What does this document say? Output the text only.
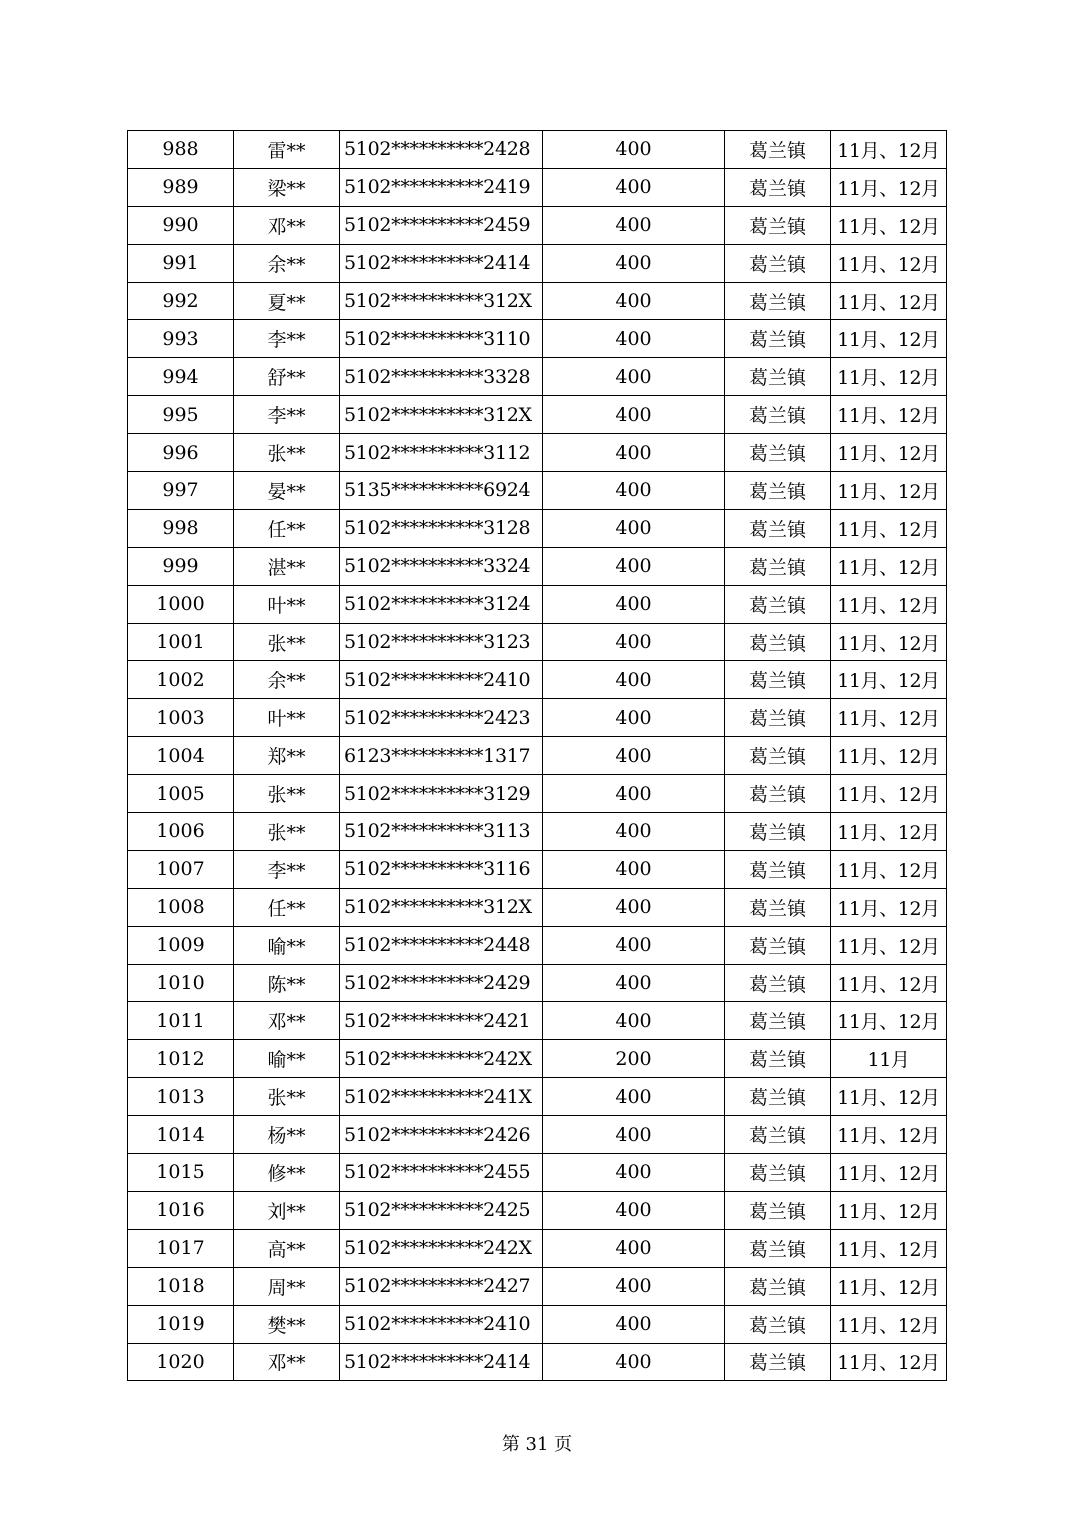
988	雷**	5102**********2428	400	葛兰镇	11月、12月
989	梁**	5102**********2419	400	葛兰镇	11月、12月
990	邓**	5102**********2459	400	葛兰镇	11月、12月
991	余**	5102**********2414	400	葛兰镇	11月、12月
992	夏**	5102**********312X	400	葛兰镇	11月、12月
993	李**	5102**********3110	400	葛兰镇	11月、12月
994	舒**	5102**********3328	400	葛兰镇	11月、12月
995	李**	5102**********312X	400	葛兰镇	11月、12月
996	张**	5102**********3112	400	葛兰镇	11月、12月
997	晏**	5135**********6924	400	葛兰镇	11月、12月
998	任**	5102**********3128	400	葛兰镇	11月、12月
999	湛**	5102**********3324	400	葛兰镇	11月、12月
1000	叶**	5102**********3124	400	葛兰镇	11月、12月
1001	张**	5102**********3123	400	葛兰镇	11月、12月
1002	余**	5102**********2410	400	葛兰镇	11月、12月
1003	叶**	5102**********2423	400	葛兰镇	11月、12月
1004	郑**	6123**********1317	400	葛兰镇	11月、12月
1005	张**	5102**********3129	400	葛兰镇	11月、12月
1006	张**	5102**********3113	400	葛兰镇	11月、12月
1007	李**	5102**********3116	400	葛兰镇	11月、12月
1008	任**	5102**********312X	400	葛兰镇	11月、12月
1009	喻**	5102**********2448	400	葛兰镇	11月、12月
1010	陈**	5102**********2429	400	葛兰镇	11月、12月
1011	邓**	5102**********2421	400	葛兰镇	11月、12月
1012	喻**	5102**********242X	200	葛兰镇	11月
1013	张**	5102**********241X	400	葛兰镇	11月、12月
1014	杨**	5102**********2426	400	葛兰镇	11月、12月
1015	修**	5102**********2455	400	葛兰镇	11月、12月
1016	刘**	5102**********2425	400	葛兰镇	11月、12月
1017	高**	5102**********242X	400	葛兰镇	11月、12月
1018	周**	5102**********2427	400	葛兰镇	11月、12月
1019	樊**	5102**********2410	400	葛兰镇	11月、12月
1020	邓**	5102**********2414	400	葛兰镇	11月、12月
第 31 页
